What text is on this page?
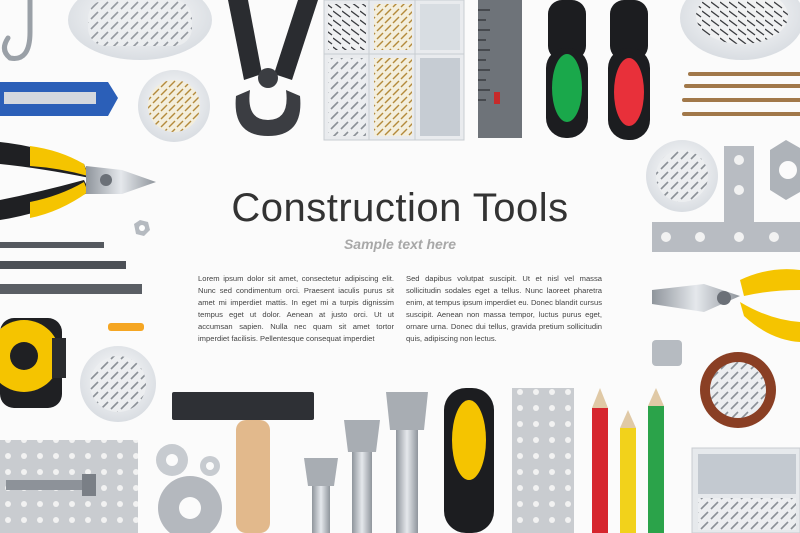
Construction Tools
Sample text here
Lorem ipsum dolor sit amet, consectetur adipiscing elit. Nunc sed condimentum orci. Praesent iaculis purus sit amet mi imperdiet mattis. In eget mi a turpis dignissim tempus eget ut dolor. Aenean at justo orci. Ut ut accumsan sapien. Nulla nec quam sit amet tortor imperdiet facilisis. Pellentesque consequat imperdiet
Sed dapibus volutpat suscipit. Ut et nisl vel massa sollicitudin sodales eget a tellus. Nunc laoreet pharetra enim, at tempus ipsum imperdiet eu. Donec blandit cursus suscipit. Aenean non massa tempor, luctus purus eget, ornare urna. Donec dui tellus, gravida pretium sollicitudin quis, adipiscing non lectus.
